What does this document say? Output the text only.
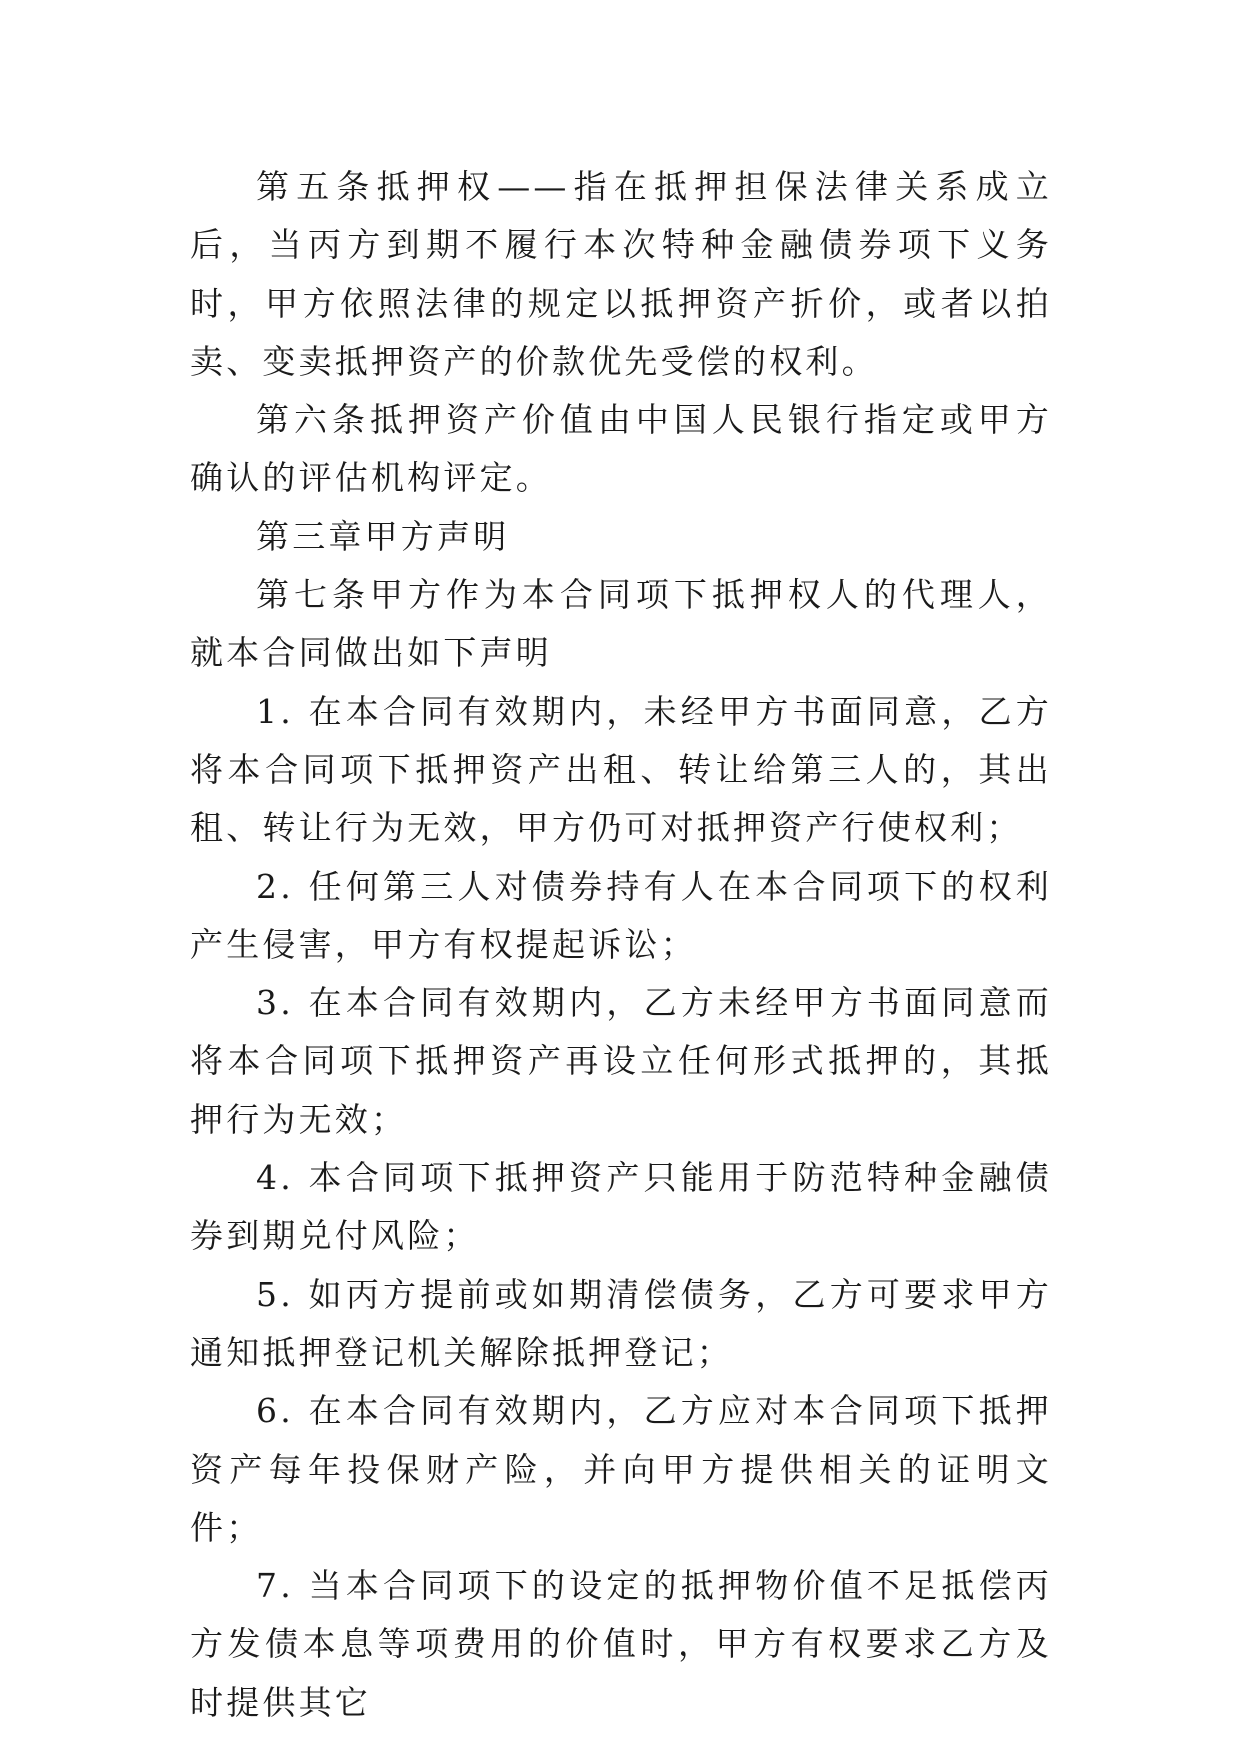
第五条抵押权——指在抵押担保法律关系成立后，当丙方到期不履行本次特种金融债券项下义务时，甲方依照法律的规定以抵押资产折价，或者以拍卖、变卖抵押资产的价款优先受偿的权利。

第六条抵押资产价值由中国人民银行指定或甲方确认的评估机构评定。

第三章甲方声明

第七条甲方作为本合同项下抵押权人的代理人，就本合同做出如下声明

1. 在本合同有效期内，未经甲方书面同意，乙方将本合同项下抵押资产出租、转让给第三人的，其出租、转让行为无效，甲方仍可对抵押资产行使权利；

2. 任何第三人对债券持有人在本合同项下的权利产生侵害，甲方有权提起诉讼；

3. 在本合同有效期内，乙方未经甲方书面同意而将本合同项下抵押资产再设立任何形式抵押的，其抵押行为无效；

4. 本合同项下抵押资产只能用于防范特种金融债券到期兑付风险；

5. 如丙方提前或如期清偿债务，乙方可要求甲方通知抵押登记机关解除抵押登记；

6. 在本合同有效期内，乙方应对本合同项下抵押资产每年投保财产险，并向甲方提供相关的证明文件；

7. 当本合同项下的设定的抵押物价值不足抵偿丙方发债本息等项费用的价值时，甲方有权要求乙方及时提供其它
